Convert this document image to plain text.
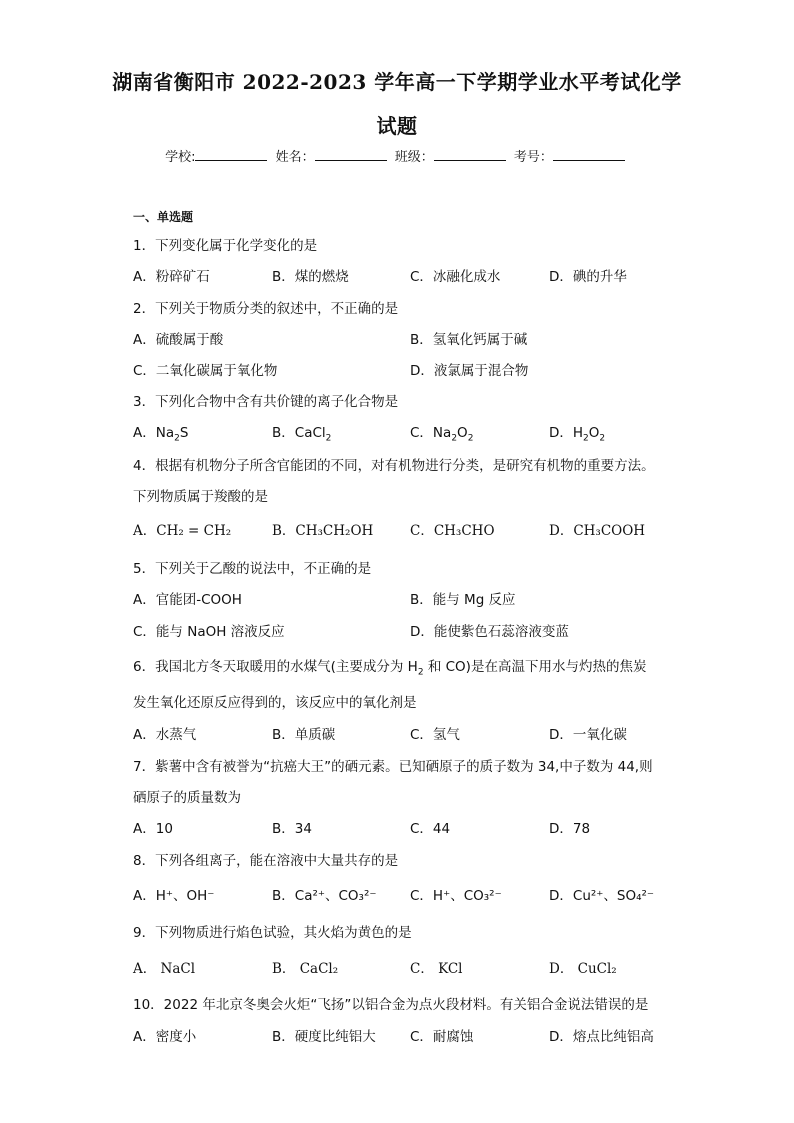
湖南省衡阳市 2022-2023 学年高一下学期学业水平考试化学
试题
学校:	姓名：	班级：	考号：
一、单选题
1．下列变化属于化学变化的是
A．粉碎矿石	B．煤的燃烧	C．冰融化成水	D．碘的升华
2．下列关于物质分类的叙述中，不正确的是
A．硫酸属于酸	B．氢氧化钙属于碱
C．二氧化碳属于氧化物	D．液氯属于混合物
3．下列化合物中含有共价键的离子化合物是
A．$Na_2S$	B．CaCl$_2$	C．$Na_2O_2$	D．$H_2O_2$
4．根据有机物分子所含官能团的不同，对有机物进行分类，是研究有机物的重要方法。
下列物质属于羧酸的是
A．CH₂ = CH₂	B．CH₃CH₂OH	C．CH₃CHO	D．CH₃COOH
5．下列关于乙酸的说法中，不正确的是
A．官能团-COOH	B．能与 Mg 反应
C．能与 NaOH 溶液反应	D．能使紫色石蕊溶液变蓝
6．我国北方冬天取暖用的水煤气(主要成分为 $H_2$ 和 CO)是在高温下用水与灼热的焦炭
发生氧化还原反应得到的，该反应中的氧化剂是
A．水蒸气	B．单质碳	C．氢气	D．一氧化碳
7．紫薯中含有被誉为“抗癌大王”的硒元素。已知硒原子的质子数为 34,中子数为 44,则
硒原子的质量数为
A．10	B．34	C．44	D．78
8．下列各组离子，能在溶液中大量共存的是
A．H⁺、OH⁻	B．Ca²⁺、CO₃²⁻ C．H⁺、CO₃²⁻	D．Cu²⁺、SO₄²⁻
9．下列物质进行焰色试验，其火焰为黄色的是
A． NaCl	B． CaCl₂	C． KCl	D． CuCl₂
10．2022 年北京冬奥会火炬“飞扬”以铝合金为点火段材料。有关铝合金说法错误的是
A．密度小	B．硬度比纯铝大	C．耐腐蚀	D．熔点比纯铝高
